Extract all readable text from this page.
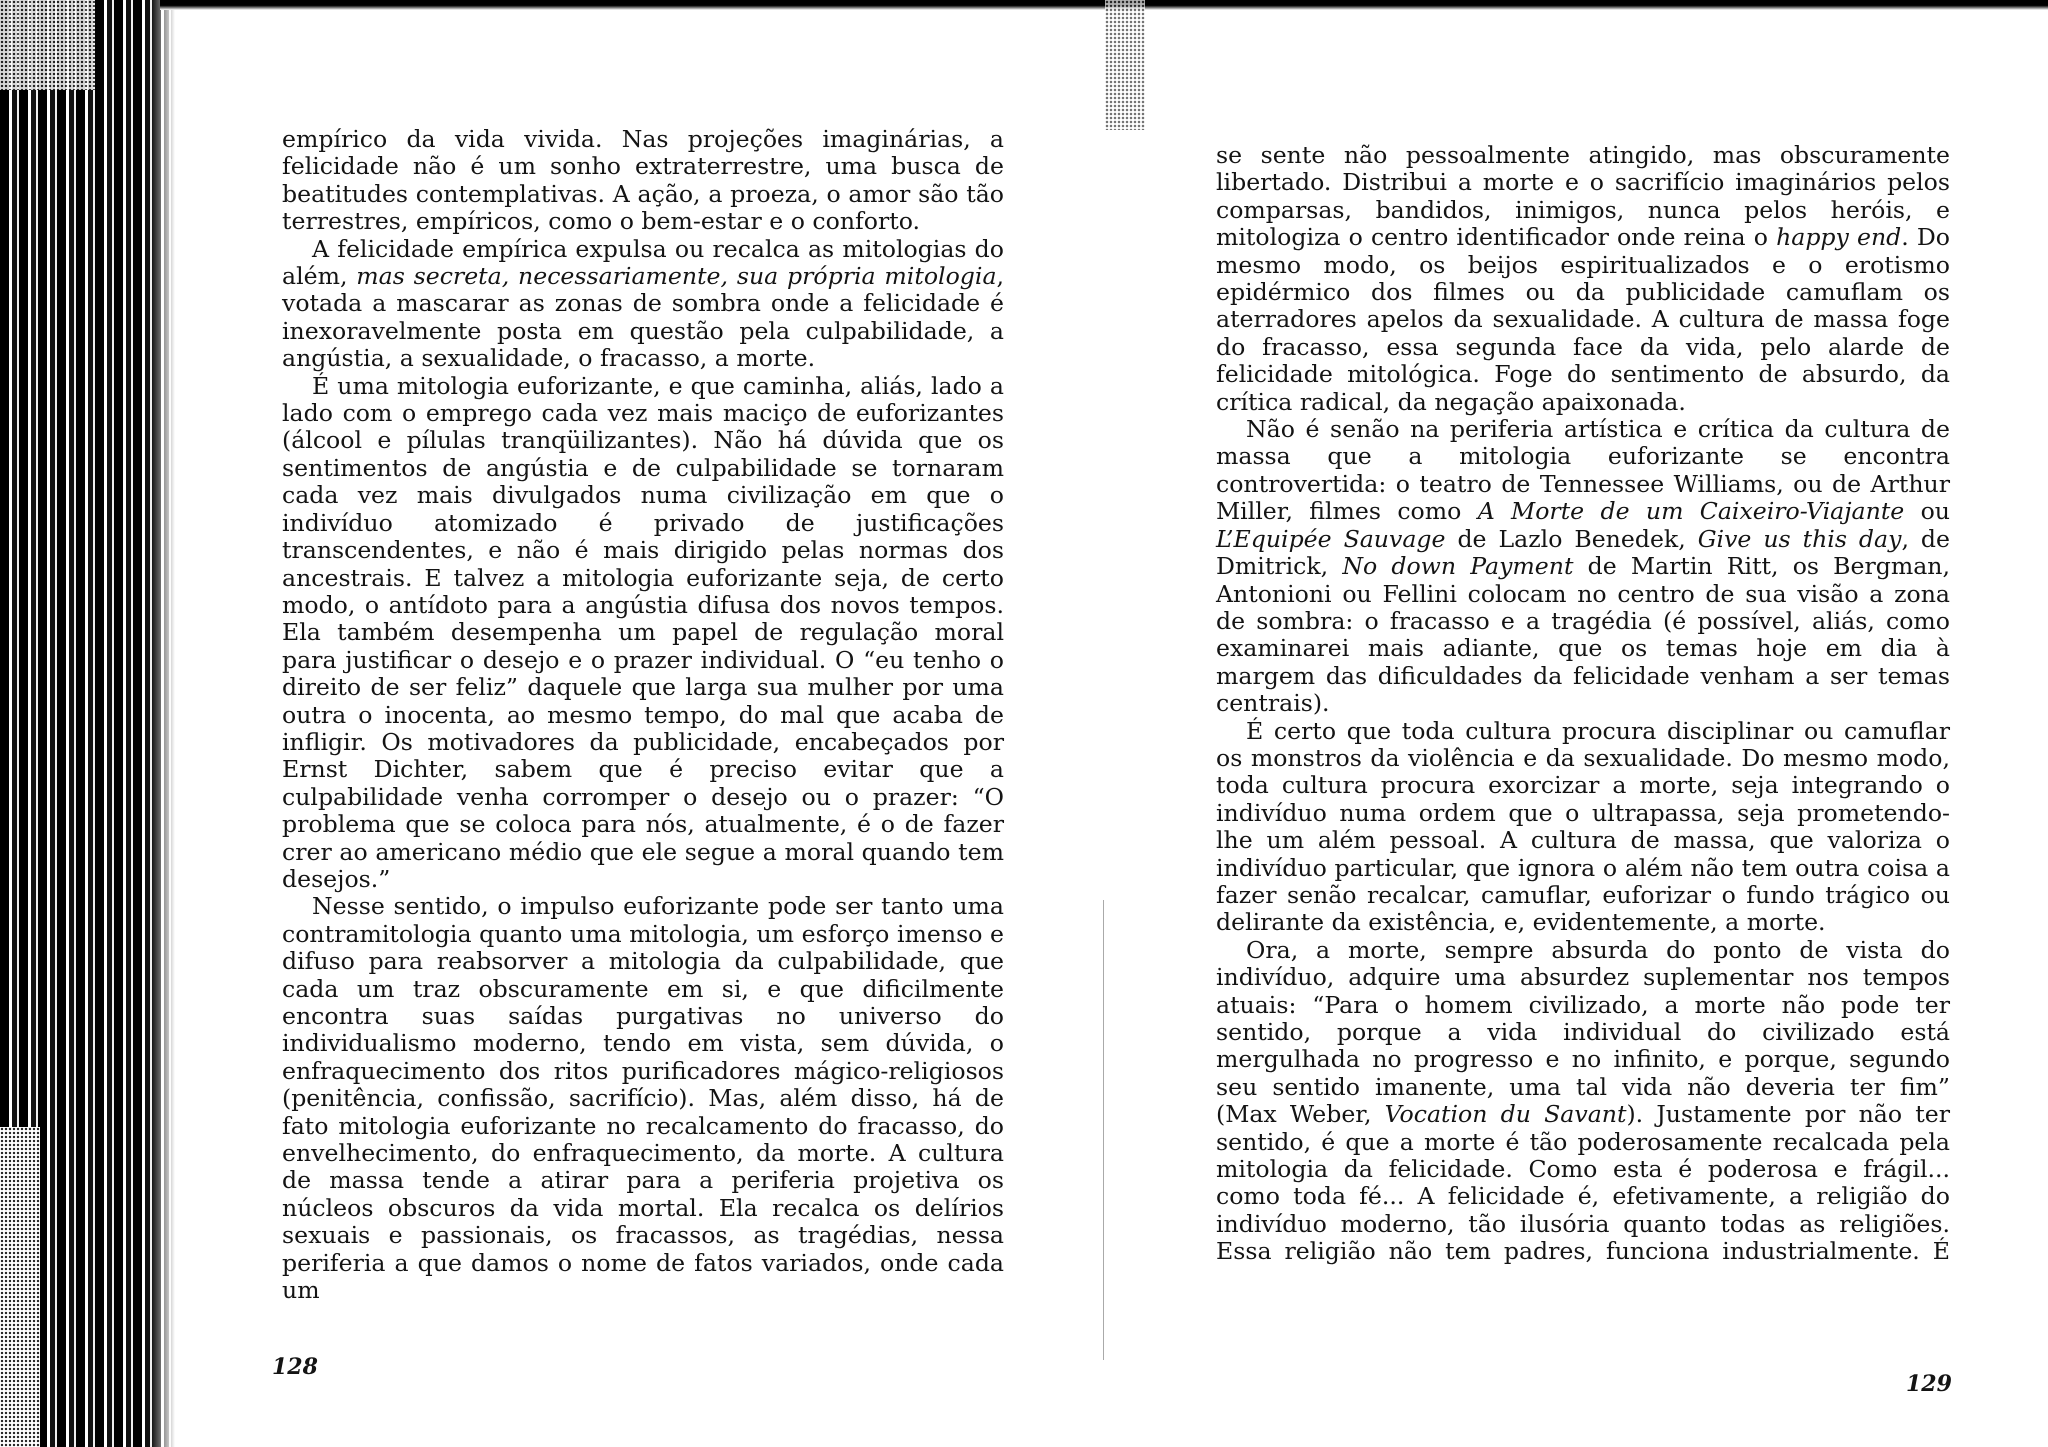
empírico da vida vivida. Nas projeções imaginárias, a felicidade não é um sonho extraterrestre, uma busca de beatitudes contemplativas. A ação, a proeza, o amor são tão terrestres, empíricos, como o bem-estar e o conforto.

A felicidade empírica expulsa ou recalca as mitologias do além, mas secreta, necessariamente, sua própria mitologia, votada a mascarar as zonas de sombra onde a felicidade é inexoravelmente posta em questão pela culpabilidade, a angústia, a sexualidade, o fracasso, a morte.

É uma mitologia euforizante, e que caminha, aliás, lado a lado com o emprego cada vez mais maciço de euforizantes (álcool e pílulas tranqüilizantes). Não há dúvida que os sentimentos de angústia e de culpabilidade se tornaram cada vez mais divulgados numa civilização em que o indivíduo atomizado é privado de justificações transcendentes, e não é mais dirigido pelas normas dos ancestrais. E talvez a mitologia euforizante seja, de certo modo, o antídoto para a angústia difusa dos novos tempos. Ela também desempenha um papel de regulação moral para justificar o desejo e o prazer individual. O “eu tenho o direito de ser feliz” daquele que larga sua mulher por uma outra o inocenta, ao mesmo tempo, do mal que acaba de infligir. Os motivadores da publicidade, encabeçados por Ernst Dichter, sabem que é preciso evitar que a culpabilidade venha corromper o desejo ou o prazer: “O problema que se coloca para nós, atualmente, é o de fazer crer ao americano médio que ele segue a moral quando tem desejos.”

Nesse sentido, o impulso euforizante pode ser tanto uma contramitologia quanto uma mitologia, um esforço imenso e difuso para reabsorver a mitologia da culpabilidade, que cada um traz obscuramente em si, e que dificilmente encontra suas saídas purgativas no universo do individualismo moderno, tendo em vista, sem dúvida, o enfraquecimento dos ritos purificadores mágico-religiosos (penitência, confissão, sacrifício). Mas, além disso, há de fato mitologia euforizante no recalcamento do fracasso, do envelhecimento, do enfraquecimento, da morte. A cultura de massa tende a atirar para a periferia projetiva os núcleos obscuros da vida mortal. Ela recalca os delírios sexuais e passionais, os fracassos, as tragédias, nessa periferia a que damos o nome de fatos variados, onde cada um

128

se sente não pessoalmente atingido, mas obscuramente libertado. Distribui a morte e o sacrifício imaginários pelos comparsas, bandidos, inimigos, nunca pelos heróis, e mitologiza o centro identificador onde reina o happy end. Do mesmo modo, os beijos espiritualizados e o erotismo epidérmico dos filmes ou da publicidade camuflam os aterradores apelos da sexualidade. A cultura de massa foge do fracasso, essa segunda face da vida, pelo alarde de felicidade mitológica. Foge do sentimento de absurdo, da crítica radical, da negação apaixonada.

Não é senão na periferia artística e crítica da cultura de massa que a mitologia euforizante se encontra controvertida: o teatro de Tennessee Williams, ou de Arthur Miller, filmes como A Morte de um Caixeiro-Viajante ou L’Equipée Sauvage de Lazlo Benedek, Give us this day, de Dmitrick, No down Payment de Martin Ritt, os Bergman, Antonioni ou Fellini colocam no centro de sua visão a zona de sombra: o fracasso e a tragédia (é possível, aliás, como examinarei mais adiante, que os temas hoje em dia à margem das dificuldades da felicidade venham a ser temas centrais).

É certo que toda cultura procura disciplinar ou camuflar os monstros da violência e da sexualidade. Do mesmo modo, toda cultura procura exorcizar a morte, seja integrando o indivíduo numa ordem que o ultrapassa, seja prometendo-lhe um além pessoal. A cultura de massa, que valoriza o indivíduo particular, que ignora o além não tem outra coisa a fazer senão recalcar, camuflar, euforizar o fundo trágico ou delirante da existência, e, evidentemente, a morte.

Ora, a morte, sempre absurda do ponto de vista do indivíduo, adquire uma absurdez suplementar nos tempos atuais: “Para o homem civilizado, a morte não pode ter sentido, porque a vida individual do civilizado está mergulhada no progresso e no infinito, e porque, segundo seu sentido imanente, uma tal vida não deveria ter fim” (Max Weber, Vocation du Savant). Justamente por não ter sentido, é que a morte é tão poderosamente recalcada pela mitologia da felicidade. Como esta é poderosa e frágil... como toda fé... A felicidade é, efetivamente, a religião do indivíduo moderno, tão ilusória quanto todas as religiões. Essa religião não tem padres, funciona industrialmente. É

129
